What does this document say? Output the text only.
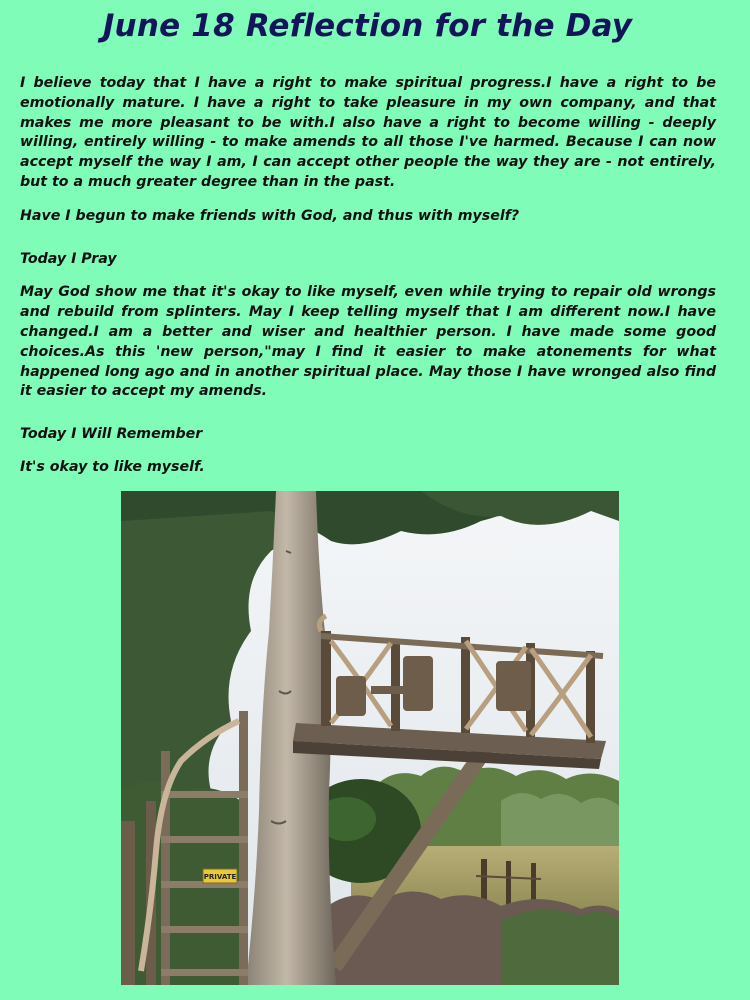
June 18 Reflection for the Day

I believe today that I have a right to make spiritual progress.I have a right to be emotionally mature. I have a right to take pleasure in my own company, and that makes me more pleasant to be with.I also have a right to become willing - deeply willing, entirely willing - to make amends to all those I've harmed. Because I can now accept myself the way I am, I can accept other people the way they are - not entirely, but to a much greater degree than in the past.

Have I begun to make friends with God, and thus with myself?

Today I Pray

May God show me that it's okay to like myself, even while trying to repair old wrongs and rebuild from splinters. May I keep telling myself that I am different now.I have changed.I am a better and wiser and healthier person. I have made some good choices.As this 'new person,"may I find it easier to make atonements for what happened long ago and in another spiritual place. May those I have wronged also find it easier to accept my amends.

Today I Will Remember

It's okay to like myself.

PRIVATE
